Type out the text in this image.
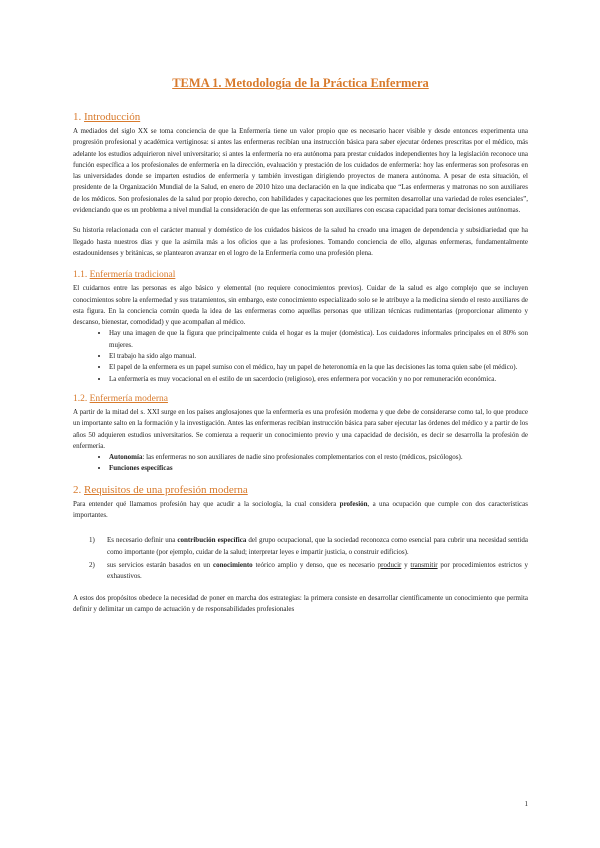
TEMA 1. Metodología de la Práctica Enfermera
1. Introducción

A mediados del siglo XX se toma conciencia de que la Enfermería tiene un valor propio que es necesario hacer visible y desde entonces experimenta una progresión profesional y académica vertiginosa: si antes las enfermeras recibían una instrucción básica para saber ejecutar órdenes prescritas por el médico, más adelante los estudios adquirieron nivel universitario; si antes la enfermería no era autónoma para prestar cuidados independientes hoy la legislación reconoce una función específica a los profesionales de enfermería en la dirección, evaluación y prestación de los cuidados de enfermería: hoy las enfermeras son profesoras en las universidades donde se imparten estudios de enfermería y también investigan dirigiendo proyectos de manera autónoma. A pesar de esta situación, el presidente de la Organización Mundial de la Salud, en enero de 2010 hizo una declaración en la que indicaba que “Las enfermeras y matronas no son auxiliares de los médicos. Son profesionales de la salud por propio derecho, con habilidades y capacitaciones que les permiten desarrollar una variedad de roles esenciales”, evidenciando que es un problema a nivel mundial la consideración de que las enfermeras son auxiliares con escasa capacidad para tomar decisiones autónomas.

Su historia relacionada con el carácter manual y doméstico de los cuidados básicos de la salud ha creado una imagen de dependencia y subsidiariedad que ha llegado hasta nuestros días y que la asimila más a los oficios que a las profesiones. Tomando conciencia de ello, algunas enfermeras, fundamentalmente estadounidenses y británicas, se plantearon avanzar en el logro de la Enfermería como una profesión plena.

1.1. Enfermería tradicional

El cuidarnos entre las personas es algo básico y elemental (no requiere conocimientos previos). Cuidar de la salud es algo complejo que se incluyen conocimientos sobre la enfermedad y sus tratamientos, sin embargo, este conocimiento especializado solo se le atribuye a la medicina siendo el resto auxiliares de esta figura. En la conciencia común queda la idea de las enfermeras como aquellas personas que utilizan técnicas rudimentarias (proporcionar alimento y descanso, bienestar, comodidad) y que acompañan al médico.

• Hay una imagen de que la figura que principalmente cuida el hogar es la mujer (doméstica). Los cuidadores informales principales en el 80% son mujeres.
• El trabajo ha sido algo manual.
• El papel de la enfermera es un papel sumiso con el médico, hay un papel de heteronomía en la que las decisiones las toma quien sabe (el médico).
• La enfermería es muy vocacional en el estilo de un sacerdocio (religioso), eres enfermera por vocación y no por remuneración económica.
1.2. Enfermería moderna

A partir de la mitad del s. XXI surge en los países anglosajones que la enfermería es una profesión moderna y que debe de considerarse como tal, lo que produce un importante salto en la formación y la investigación. Antes las enfermeras recibían instrucción básica para saber ejecutar las órdenes del médico y a partir de los años 50 adquieren estudios universitarios. Se comienza a requerir un conocimiento previo y una capacidad de decisión, es decir se desarrolla la profesión de enfermería.

• Autonomía: las enfermeras no son auxiliares de nadie sino profesionales complementarios con el resto (médicos, psicólogos).
• Funciones específicas
2. Requisitos de una profesión moderna

Para entender qué llamamos profesión hay que acudir a la sociología, la cual considera profesión, a una ocupación que cumple con dos características importantes.

1) Es necesario definir una contribución específica del grupo ocupacional, que la sociedad reconozca como esencial para cubrir una necesidad sentida como importante (por ejemplo, cuidar de la salud; interpretar leyes e impartir justicia, o construir edificios).
2) sus servicios estarán basados en un conocimiento teórico amplio y denso, que es necesario producir y transmitir por procedimientos estrictos y exhaustivos.

A estos dos propósitos obedece la necesidad de poner en marcha dos estrategias: la primera consiste en desarrollar científicamente un conocimiento que permita definir y delimitar un campo de actuación y de responsabilidades profesionales

1
